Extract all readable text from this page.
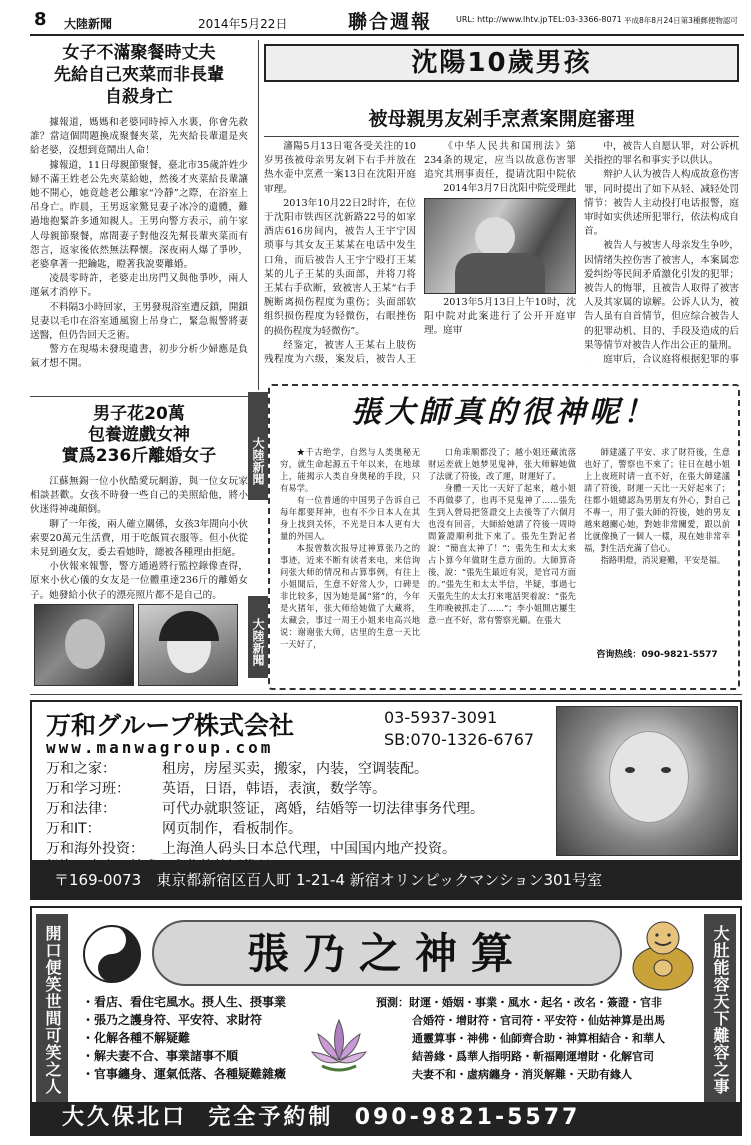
8 大陸新聞	2014年5月22日	聯合週報	URL: http://www.lhtv.jp TEL:03-3366-8071 平成8年8月24日第3種郵便物認可
女子不滿聚餐時丈夫
先給自己夾菜而非長輩
自殺身亡

據報道，媽媽和老婆同時掉入水裏，你會先救誰？當這個問題換成聚餐夾菜，先夾給長輩還是夾給老婆，沒想到竟鬧出人命！

據報道，11日母親節聚餐，臺北市35歲許姓少婦不滿王姓老公先夾菜給她，然後才夾菜給長輩讓她不開心，她竟趁老公離家“冷靜”之際，在浴室上吊身亡。昨晨，王男返家驚見妻子冰冷的遺體，難過地抱緊許多通知親人。王男向警方表示，前午家人母親節聚餐，席間妻子對他沒先幫長輩夾菜而有怨言，返家後依然無法釋懷。深夜兩人爆了爭吵，老婆拿著一把鑰匙，瞪著我說要離婚。

凌晨零時許，老婆走出房門又與他爭吵，兩人運氣才消停下。

不料隔3小時回家，王男發現浴室遭反鎖，開鎖見妻以毛巾在浴室通風窗上吊身亡，緊急報警將妻送醫，但仍告回天乏術。

警方在現場未發現遺書，初步分析少婦應是負氣才想不開。

男子花20萬
包養遊戲女神
實爲236斤離婚女子

江蘇無錫一位小伙酷愛玩網游，與一位女玩家相談甚歡。女孩不時發一些自己的美照給他，將小伙迷得神魂顛倒。

聊了一年後，兩人確立關係，女孩3年間向小伙索要20萬元生活費，用于吃飯買衣服等。但小伙從未見到過女友，委去看她時，總被各種理由拒絕。

小伙報來報警，警方通過將行監控錄像查得，原來小伙心儀的女友是一位體重達236斤的離婚女子。她發給小伙子的漂亮照片都不是自己的。

大陸新聞
大陸新聞
沈陽10歲男孩
被母親男友剁手烹煮案開庭審理

瀋陽5月13日電各受关注的10岁男孩被母亲男友剁下右手并放在热水壶中烹煮一案13日在沈阳开庭审理。

2013年10月22日2时许，在位于沈阳市铁西区沈新路22号的如家酒店616房间内，被告人王宇宁因琐事与其女友王某某在电话中发生口角，而后被告人王宇宁殴打王某某的儿子王某的头面部，并将刀将王某右手砍断，致被害人王某“右手腕断离损伤程度为重伤；头面部软组织损伤程度为轻微伤，右眼挫伤的损伤程度为轻微伤”。

经鉴定，被害人王某右上肢伤残程度为六级，案发后，被告人王

《中华人民共和国刑法》第234条的规定，应当以故意伤害罪追究其刑事责任，提请沈阳中院依

2014年3月7日沈阳中院受理此

2013年5月13日上午10时，沈阳中院对此案进行了公开开庭审理。庭审

中，被告人自愿认罪，对公诉机关指控的罪名和事实予以供认。

辩护人认为被告人构成故意伤害罪，同时提出了如下从轻、减轻处罚情节：被告人主动投打电话报警，庭审时如实供述所犯罪行，依法构成自首。

被告人与被害人母亲发生争吵，因情绪失控伤害了被害人，本案属恋爱纠纷等民间矛盾激化引发的犯罪；被告人的悔罪，且被告人取得了被害人及其家属的谅解。公诉人认为，被告人虽有自首情节，但应综合被告人的犯罪动机、目的、手段及造成的后果等情节对被告人作出公正的量刑。

庭审后，合议庭将根据犯罪的事

張大師真的很神呢！

★千古绝学，自然与人类奥秘无穷，就生命起源五千年以来，在地球上，能揭示人类自身奥秘的手段，只有易学。

有一位普通的中国男子告诉自己每年都要拜神，也有不少日本人在其身上找到关怀，不光是日本人更有大量的外国人。

本报曾数次报导过神算张乃之的事迹，近来不断有读者来电，来信询问张大师的情况和占算事例，有往上小姐聞后，生意不好常人少，口碑是非比较多，因为她是属“猪”的，今年是火猪年，张大师给她做了大藏将，太藏会，事过一周王小姐来电高兴地说：谢谢张大师，店里的生意一天比一天好了，

口角乖顺都没了；越小姐还藏流落财运差就上她梦见鬼神，张大师解她做了法就了符後，改了運，財運好了。

身體一天比一天好了起來，越小姐不再做夢了，也再不見鬼神了……張先生到入營局把签證交上去後等了六個月也沒有回音，大師給她請了符後一周時間簽證順利批下來了。張先生對記者說：“簡直太神了！”；張先生和太太來占卜算今年做財生意方面的。大師算奇後，說：“張先生最近有災，是官司方面的。”張先生和太太半信，半疑，事過七天張先生的太太打來電話哭着說：“張先生昨晚被抓走了……”；李小姐開店屢生意一直不好，常有警察光顧。在張大

師建議了平安、求了財符後，生意也好了，警察也不來了；往日在越小姐上上夜班时请一直不好，在張大師建議請了符後，財運一天比一天好起來了；往都小姐總認為男朋友有外心，對自己不專一，用了張大師的符後，她的男友越來越關心她，對她非常關愛，跟以前比就像換了一個人一樣，現在她非常幸福，對生活充滿了信心。

指路明燈，消災避難，平安是福。

咨询热线：090-9821-5577
万和グループ株式会社
www.manwagroup.com
03-5937-3091
SB:070-1326-6767
万和之家：	租房，房屋买卖，搬家，内装，空调装配。
万和学习班： 英语，日语，韩语，表演，数学等。
万和法律：	可代办就职签证，离婚，结婚等一切法律事务代理。
万和IT：	网页制作，看板制作。
万和海外投资： 上海渔人码头日本总代理，中国国内地产投资。
〒169-0073　東京都新宿区百人町 1-21-4 新宿オリンピックマンション301号室
開口便笑世間可笑之人	大肚能容天下難容之事
張乃之神算
・看店、看住宅風水。摂人生、摂事業
・張乃之護身符、平安符、求財符
・化解各種不解疑難
・解夫妻不合、事業諸事不順
・官事纏身、運氣低落、各種疑難雜癥
預測：財運・婚姻・事業・風水・起名・改名・簽證・官非
合婚符・增財符・官司符・平安符・仙姑神算是出馬
通靈算事・神佛・仙師齊合助・神算相結合・和華人
結善緣・爲華人指明路・斬福剛運增財・化解官司
夫妻不和・虛病纏身・消災解難・天助有緣人
大久保北口 完全予約制 090-9821-5577
